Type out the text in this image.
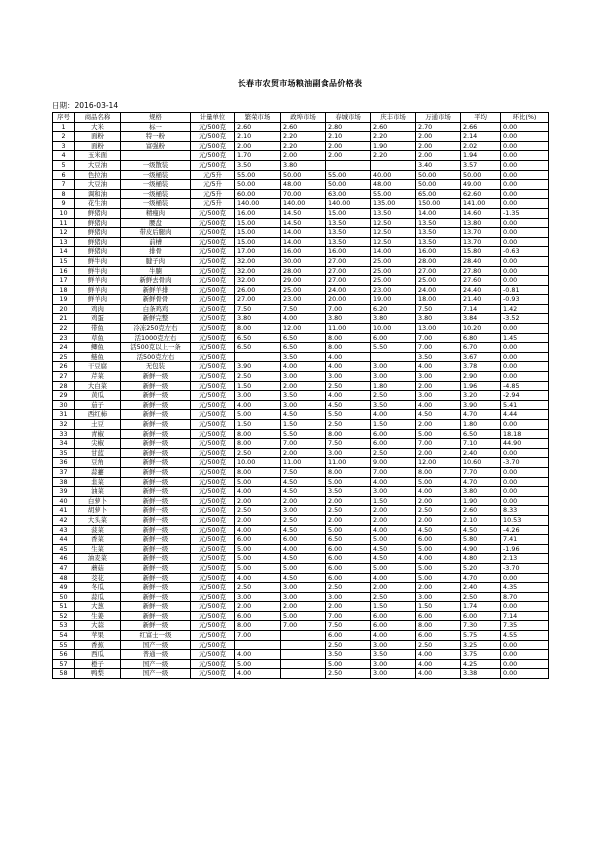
长春市农贸市场粮油副食品价格表
日期：2016-03-14
序号	商品名称	规格	计量单位	繁荣市场	政埠市场	春城市场	庆丰市场	万通市场	平均	环比(%)
1	大米	标一	元/500克	2.60	2.60	2.80	2.60	2.70	2.66	0.00
2	面粉	特一粉	元/500克	2.10	2.20	2.10	2.20	2.00	2.14	0.00
3	面粉	富强粉	元/500克	2.00	2.20	2.00	1.90	2.00	2.02	0.00
4	玉米面		元/500克	1.70	2.00	2.00	2.20	2.00	1.94	0.00
5	大豆油	一级散装	元/500克	3.50	3.80			3.40	3.57	0.00
6	色拉油	一级桶装	元/5升	55.00	50.00	55.00	40.00	50.00	50.00	0.00
7	大豆油	一级桶装	元/5升	50.00	48.00	50.00	48.00	50.00	49.00	0.00
8	调和油	一级桶装	元/5升	60.00	70.00	63.00	55.00	65.00	62.60	0.00
9	花生油	一级桶装	元/5升	140.00	140.00	140.00	135.00	150.00	141.00	0.00
10	鲜猪肉	精瘦肉	元/500克	16.00	14.50	15.00	13.50	14.00	14.60	-1.35
11	鲜猪肉	腰盘	元/500克	15.00	14.50	13.50	12.50	13.50	13.80	0.00
12	鲜猪肉	带皮后腿肉	元/500克	15.00	14.00	13.50	12.50	13.50	13.70	0.00
13	鲜猪肉	前槽	元/500克	15.00	14.00	13.50	12.50	13.50	13.70	0.00
14	鲜猪肉	排骨	元/500克	17.00	16.00	16.00	14.00	16.00	15.80	-0.63
15	鲜牛肉	腱子肉	元/500克	32.00	30.00	27.00	25.00	28.00	28.40	0.00
16	鲜牛肉	牛腩	元/500克	32.00	28.00	27.00	25.00	27.00	27.80	0.00
17	鲜羊肉	新鲜去骨肉	元/500克	32.00	29.00	27.00	25.00	25.00	27.60	0.00
18	鲜羊肉	新鲜羊排	元/500克	26.00	25.00	24.00	23.00	24.00	24.40	-0.81
19	鲜羊肉	新鲜骨骨	元/500克	27.00	23.00	20.00	19.00	18.00	21.40	-0.93
20	鸡肉	白条鸡鸡	元/500克	7.50	7.50	7.00	6.20	7.50	7.14	1.42
21	鸡蛋	新鲜完整	元/500克	3.80	4.00	3.80	3.80	3.80	3.84	-3.52
22	带鱼	冷冻250克左右	元/500克	8.00	12.00	11.00	10.00	13.00	10.20	0.00
23	草鱼	活1000克左右	元/500克	6.50	6.50	8.00	6.00	7.00	6.80	1.45
24	鲫鱼	活500克以上一条	元/500克	6.50	6.50	8.00	5.50	7.00	6.70	0.00
25	鲢鱼	活500克左右	元/500克		3.50	4.00		3.50	3.67	0.00
26	干豆腐	无包装	元/500克	3.90	4.00	4.00	3.00	4.00	3.78	0.00
27	芹菜	新鲜一级	元/500克	2.50	3.00	3.00	3.00	3.00	2.90	0.00
28	大白菜	新鲜一级	元/500克	1.50	2.00	2.50	1.80	2.00	1.96	-4.85
29	黄瓜	新鲜一级	元/500克	3.00	3.50	4.00	2.50	3.00	3.20	-2.94
30	茄子	新鲜一级	元/500克	4.00	3.00	4.50	3.50	4.00	3.90	5.41
31	西红柿	新鲜一级	元/500克	5.00	4.50	5.50	4.00	4.50	4.70	4.44
32	土豆	新鲜一级	元/500克	1.50	1.50	2.50	1.50	2.00	1.80	0.00
33	青椒	新鲜一级	元/500克	8.00	5.50	8.00	6.00	5.00	6.50	18.18
34	尖椒	新鲜一级	元/500克	8.00	7.00	7.50	6.00	7.00	7.10	44.90
35	甘蓝	新鲜一级	元/500克	2.50	2.00	3.00	2.50	2.00	2.40	0.00
36	豆角	新鲜一级	元/500克	10.00	11.00	11.00	9.00	12.00	10.60	-3.70
37	蒜薹	新鲜一级	元/500克	8.00	7.50	8.00	7.00	8.00	7.70	0.00
38	韭菜	新鲜一级	元/500克	5.00	4.50	5.00	4.00	5.00	4.70	0.00
39	油菜	新鲜一级	元/500克	4.00	4.50	3.50	3.00	4.00	3.80	0.00
40	白萝卜	新鲜一级	元/500克	2.00	2.00	2.00	1.50	2.00	1.90	0.00
41	胡萝卜	新鲜一级	元/500克	2.50	3.00	2.50	2.00	2.50	2.60	8.33
42	大头菜	新鲜一级	元/500克	2.00	2.50	2.00	2.00	2.00	2.10	10.53
43	菠菜	新鲜一级	元/500克	4.00	4.50	5.00	4.00	4.50	4.50	-4.26
44	香菜	新鲜一级	元/500克	6.00	6.00	6.50	5.00	6.00	5.80	7.41
45	生菜	新鲜一级	元/500克	5.00	4.00	6.00	4.50	5.00	4.90	-1.96
46	油麦菜	新鲜一级	元/500克	5.00	4.50	6.00	4.50	4.00	4.80	2.13
47	蘑菇	新鲜一级	元/500克	5.00	5.00	6.00	5.00	5.00	5.20	-3.70
48	茭花	新鲜一级	元/500克	4.00	4.50	6.00	4.00	5.00	4.70	0.00
49	冬瓜	新鲜一级	元/500克	2.50	3.00	2.50	2.00	2.00	2.40	4.35
50	蒜瓜	新鲜一级	元/500克	3.00	3.00	3.00	2.50	3.00	2.50	8.70
51	大葱	新鲜一级	元/500克	2.00	2.00	2.00	1.50	1.50	1.74	0.00
52	生姜	新鲜一级	元/500克	6.00	5.00	7.00	6.00	6.00	6.00	7.14
53	大蒜	新鲜一级	元/500克	8.00	7.00	7.50	6.00	8.00	7.30	7.35
54	苹果	红富士一级	元/500克	7.00		6.00	4.00	6.00	5.75	4.55
55	香蕉	国产一级	元/500克			2.50	3.00	2.50	3.25	0.00
56	西瓜	普通一级	元/500克	4.00		3.50	3.50	4.00	3.75	0.00
57	橙子	国产一级	元/500克	5.00		5.00	3.00	4.00	4.25	0.00
58	鸭梨	国产一级	元/500克	4.00		2.50	3.00	4.00	3.38	0.00
